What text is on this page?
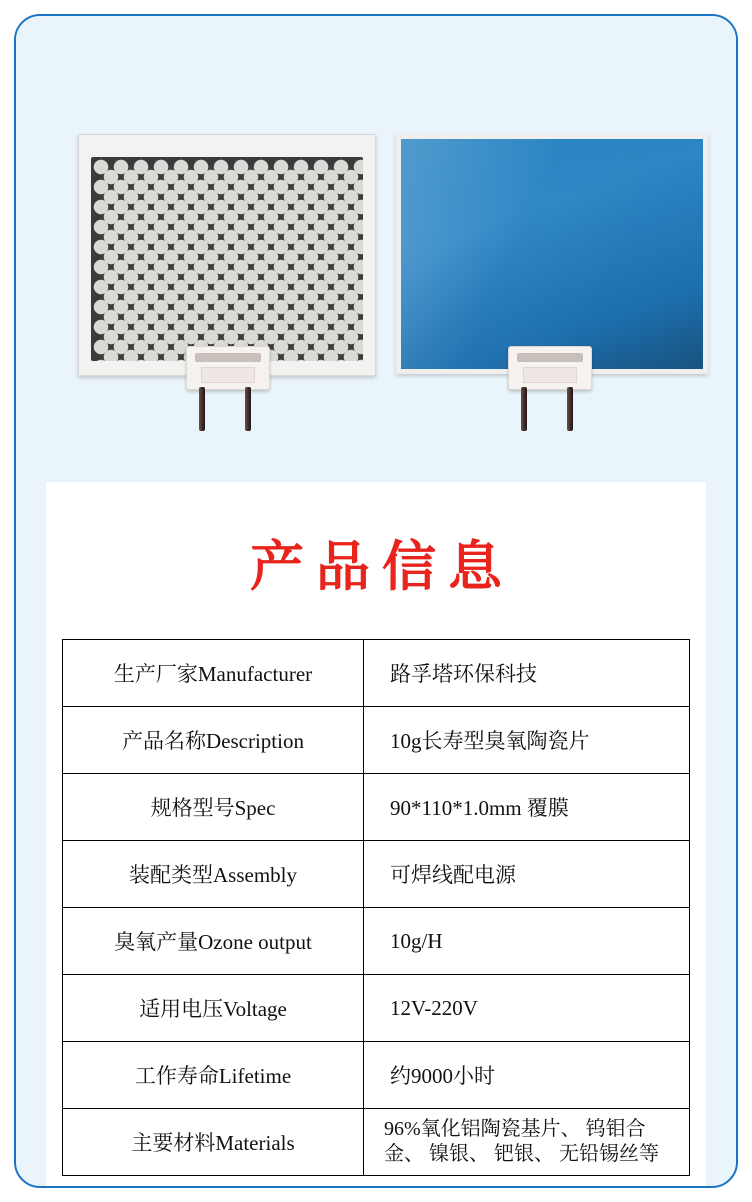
产品信息
生产厂家Manufacturer	路孚塔环保科技
产品名称Description	10g长寿型臭氧陶瓷片
规格型号Spec	90*110*1.0mm 覆膜
装配类型Assembly	可焊线配电源
臭氧产量Ozone output	10g/H
适用电压Voltage	12V-220V
工作寿命Lifetime	约9000小时
主要材料Materials	96%氧化铝陶瓷基片、 钨钼合金、 镍银、 钯银、 无铅锡丝等
